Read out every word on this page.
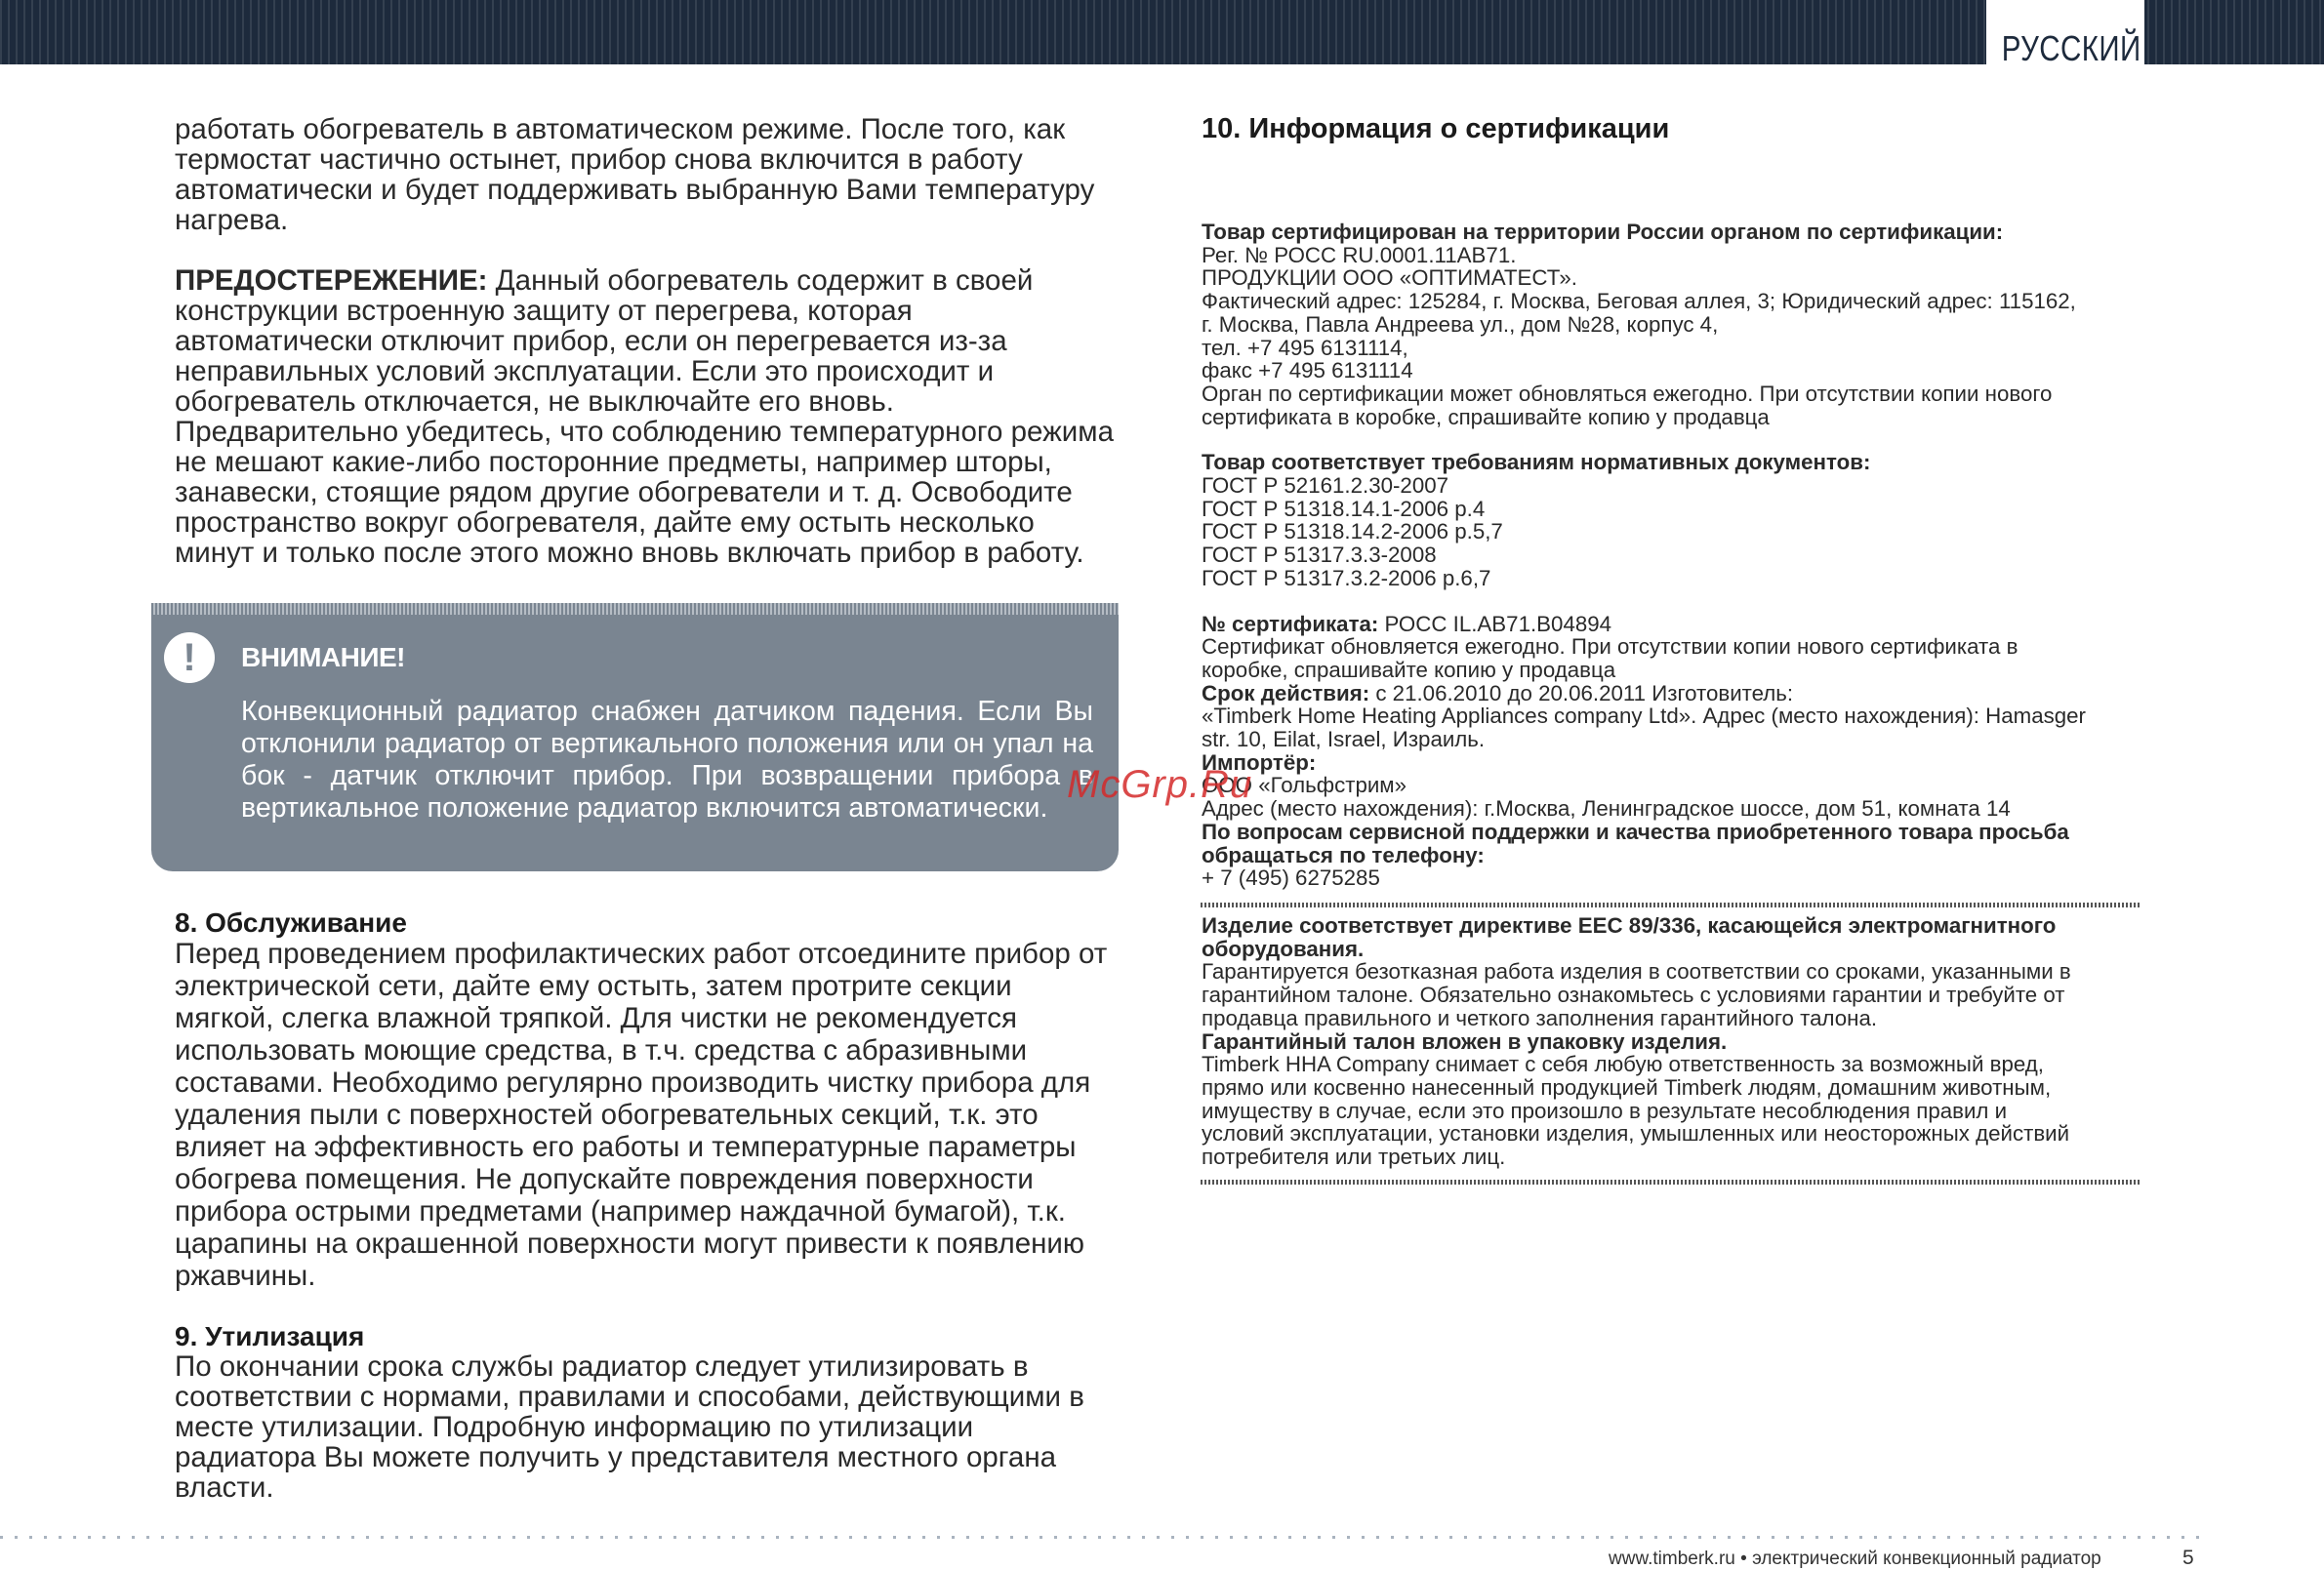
РУССКИЙ

работать обогреватель в автоматическом режиме. После того, как термостат частично остынет, прибор снова включится в работу автоматически и будет поддерживать выбранную Вами температуру нагрева.

ПРЕДОСТЕРЕЖЕНИЕ: Данный обогреватель содержит в своей конструкции встроенную защиту от перегрева, которая автоматически отключит прибор, если он перегревается из-за неправильных условий эксплуатации. Если это происходит и обогреватель отключается, не выключайте его вновь. Предварительно убедитесь, что соблюдению температурного режима не мешают какие-либо посторонние предметы, например шторы, занавески, стоящие рядом другие обогреватели и т. д. Освободите пространство вокруг обогревателя, дайте ему остыть несколько минут и только после этого можно вновь включать прибор в работу.

!	ВНИМАНИЕ!
Конвекционный радиатор снабжен датчиком падения. Если Вы отклонили радиатор от вертикального положения или он упал на бок - датчик отключит прибор. При возвращении прибора в вертикальное положение радиатор включится автоматически.
8. Обслуживание

Перед проведением профилактических работ отсоедините прибор от электрической сети, дайте ему остыть, затем протрите секции мягкой, слегка влажной тряпкой. Для чистки не рекомендуется использовать моющие средства, в т.ч. средства с абразивными составами. Необходимо регулярно производить чистку прибора для удаления пыли с поверхностей обогревательных секций, т.к. это влияет на эффективность его работы и температурные параметры обогрева помещения. Не допускайте повреждения поверхности прибора острыми предметами (например наждачной бумагой), т.к. царапины на окрашенной поверхности могут привести к появлению ржавчины.

9. Утилизация

По окончании срока службы радиатор следует утилизировать в соответствии с нормами, правилами и способами, действующими в месте утилизации. Подробную информацию по утилизации радиатора Вы можете получить у представителя местного органа власти.

10. Информация о сертификации
Товар сертифицирован на территории России органом по сертификации:
Рег. № РОСС RU.0001.11АВ71.
ПРОДУКЦИИ ООО «ОПТИМАТЕСТ».
Фактический адрес: 125284, г. Москва, Беговая аллея, 3; Юридический адрес: 115162,
г. Москва, Павла Андреева ул., дом №28, корпус 4,
тел. +7 495 6131114,
факс +7 495 6131114
Орган по сертификации может обновляться ежегодно. При отсутствии копии нового
сертификата в коробке, спрашивайте копию у продавца
Товар соответствует требованиям нормативных документов:
ГОСТ Р 52161.2.30-2007
ГОСТ Р 51318.14.1-2006 р.4
ГОСТ Р 51318.14.2-2006 р.5,7
ГОСТ Р 51317.3.3-2008
ГОСТ Р 51317.3.2-2006 р.6,7
№ сертификата: РОСС IL.АВ71.В04894
Сертификат обновляется ежегодно. При отсутствии копии нового сертификата в
коробке, спрашивайте копию у продавца
Срок действия: с 21.06.2010 до 20.06.2011 Изготовитель:
«Timberk Home Heating Appliances company Ltd». Адрес (место нахождения): Hamasger
str. 10, Eilat, Israel, Израиль.
Импортёр:
ООО «Гольфстрим»
Адрес (место нахождения): г.Москва, Ленинградское шоссе, дом 51, комната 14
По вопросам сервисной поддержки и качества приобретенного товара просьба обращаться по телефону:
+ 7 (495) 6275285
Изделие соответствует директиве EEC 89/336, касающейся электромагнитного оборудования.
Гарантируется безотказная работа изделия в соответствии со сроками, указанными в
гарантийном талоне. Обязательно ознакомьтесь с условиями гарантии и требуйте от
продавца правильного и четкого заполнения гарантийного талона.
Гарантийный талон вложен в упаковку изделия.
Timberk HHA Company снимает с себя любую ответственность за возможный вред,
прямо или косвенно нанесенный продукцией Timberk людям, домашним животным,
имуществу в случае, если это произошло в результате несоблюдения правил и
условий эксплуатации, установки изделия, умышленных или неосторожных действий
потребителя или третьих лиц.
McGrp.Ru
www.timberk.ru • электрический конвекционный радиатор	5
